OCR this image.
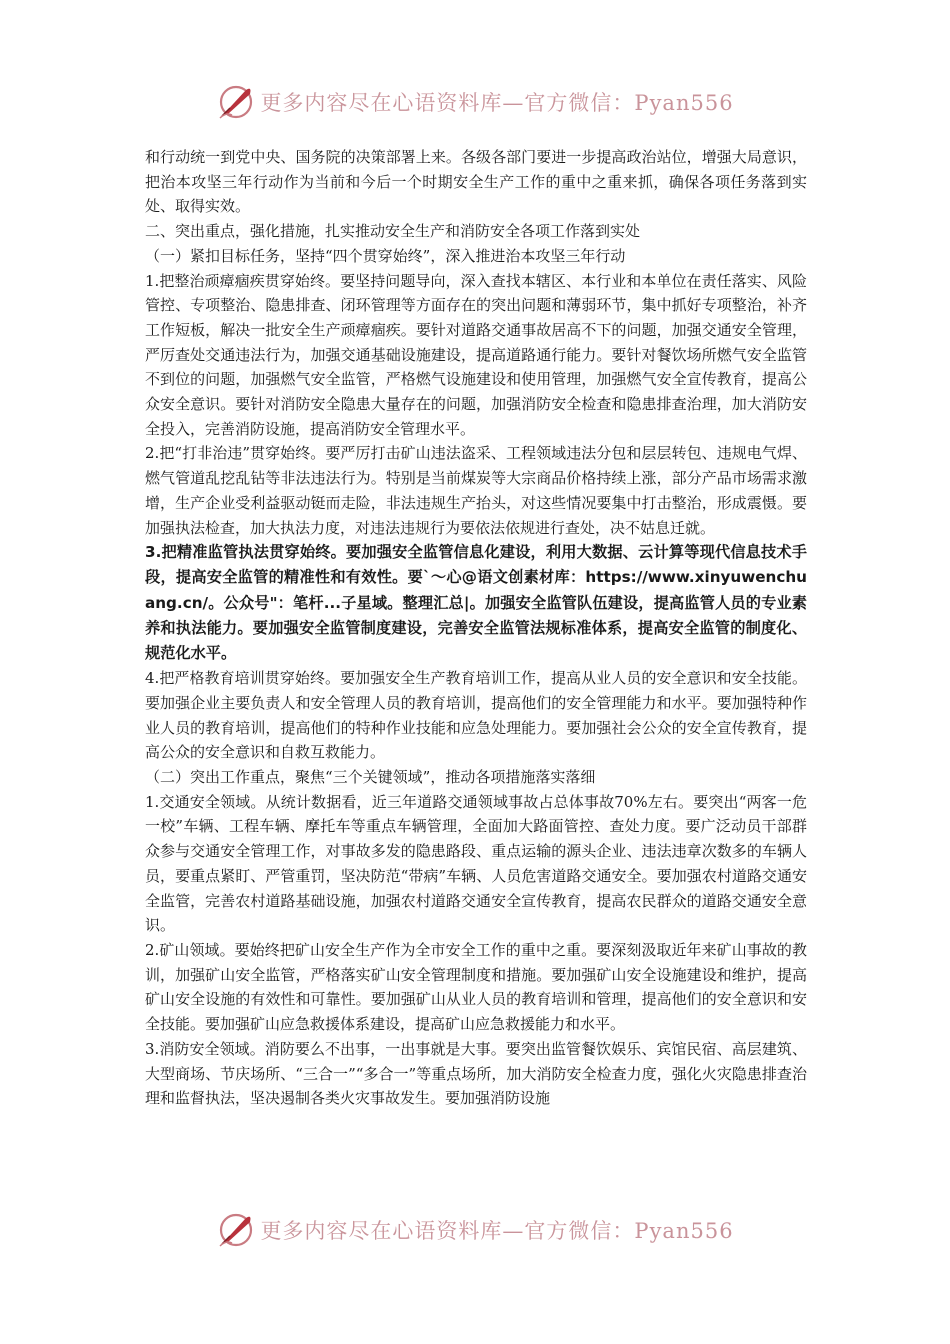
更多内容尽在心语资料库—官方微信：Pyan556

和行动统一到党中央、国务院的决策部署上来。各级各部门要进一步提高政治站位，增强大局意识，把治本攻坚三年行动作为当前和今后一个时期安全生产工作的重中之重来抓，确保各项任务落到实处、取得实效。

二、突出重点，强化措施，扎实推动安全生产和消防安全各项工作落到实处

（一）紧扣目标任务，坚持“四个贯穿始终”，深入推进治本攻坚三年行动

1.把整治顽瘴痼疾贯穿始终。要坚持问题导向，深入查找本辖区、本行业和本单位在责任落实、风险管控、专项整治、隐患排查、闭环管理等方面存在的突出问题和薄弱环节，集中抓好专项整治，补齐工作短板，解决一批安全生产顽瘴痼疾。要针对道路交通事故居高不下的问题，加强交通安全管理，严厉查处交通违法行为，加强交通基础设施建设，提高道路通行能力。要针对餐饮场所燃气安全监管不到位的问题，加强燃气安全监管，严格燃气设施建设和使用管理，加强燃气安全宣传教育，提高公众安全意识。要针对消防安全隐患大量存在的问题，加强消防安全检查和隐患排查治理，加大消防安全投入，完善消防设施，提高消防安全管理水平。

2.把“打非治违”贯穿始终。要严厉打击矿山违法盗采、工程领域违法分包和层层转包、违规电气焊、燃气管道乱挖乱钻等非法违法行为。特别是当前煤炭等大宗商品价格持续上涨，部分产品市场需求激增，生产企业受利益驱动铤而走险，非法违规生产抬头，对这些情况要集中打击整治，形成震慑。要加强执法检查，加大执法力度，对违法违规行为要依法依规进行查处，决不姑息迁就。

3.把精准监管执法贯穿始终。要加强安全监管信息化建设，利用大数据、云计算等现代信息技术手段，提高安全监管的精准性和有效性。要`～心@语文创素材库：https://www.xinyuwenchuang.cn/。公众号"：笔杆...子星域。整理汇总|。加强安全监管队伍建设，提高监管人员的专业素养和执法能力。要加强安全监管制度建设，完善安全监管法规标准体系，提高安全监管的制度化、规范化水平。

4.把严格教育培训贯穿始终。要加强安全生产教育培训工作，提高从业人员的安全意识和安全技能。要加强企业主要负责人和安全管理人员的教育培训，提高他们的安全管理能力和水平。要加强特种作业人员的教育培训，提高他们的特种作业技能和应急处理能力。要加强社会公众的安全宣传教育，提高公众的安全意识和自救互救能力。

（二）突出工作重点，聚焦“三个关键领域”，推动各项措施落实落细

1.交通安全领域。从统计数据看，近三年道路交通领域事故占总体事故70%左右。要突出“两客一危一校”车辆、工程车辆、摩托车等重点车辆管理，全面加大路面管控、查处力度。要广泛动员干部群众参与交通安全管理工作，对事故多发的隐患路段、重点运输的源头企业、违法违章次数多的车辆人员，要重点紧盯、严管重罚，坚决防范“带病”车辆、人员危害道路交通安全。要加强农村道路交通安全监管，完善农村道路基础设施，加强农村道路交通安全宣传教育，提高农民群众的道路交通安全意识。

2.矿山领域。要始终把矿山安全生产作为全市安全工作的重中之重。要深刻汲取近年来矿山事故的教训，加强矿山安全监管，严格落实矿山安全管理制度和措施。要加强矿山安全设施建设和维护，提高矿山安全设施的有效性和可靠性。要加强矿山从业人员的教育培训和管理，提高他们的安全意识和安全技能。要加强矿山应急救援体系建设，提高矿山应急救援能力和水平。

3.消防安全领域。消防要么不出事，一出事就是大事。要突出监管餐饮娱乐、宾馆民宿、高层建筑、大型商场、节庆场所、“三合一”“多合一”等重点场所，加大消防安全检查力度，强化火灾隐患排查治理和监督执法，坚决遏制各类火灾事故发生。要加强消防设施

更多内容尽在心语资料库—官方微信：Pyan556
